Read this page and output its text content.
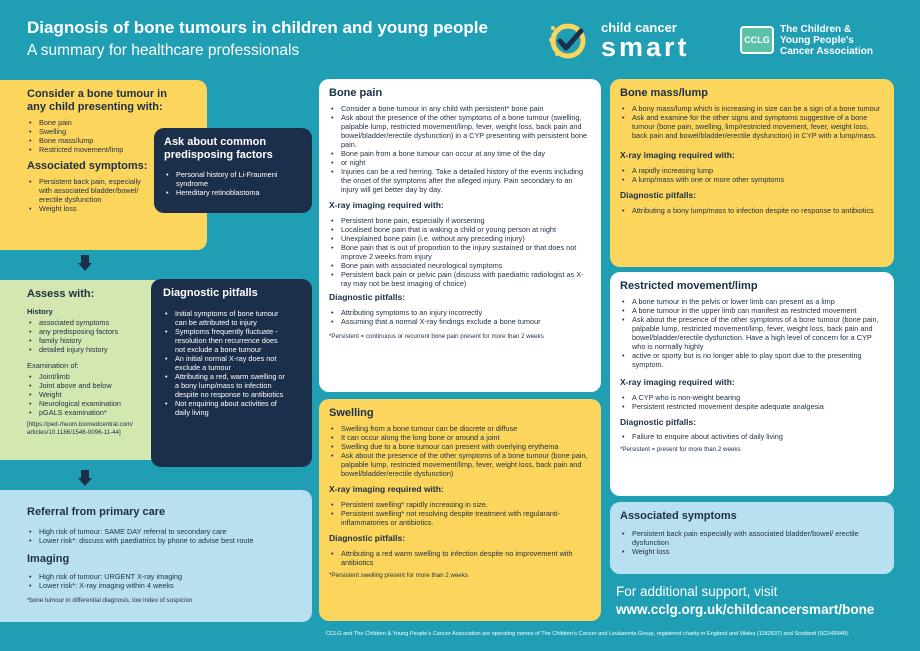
Diagnosis of bone tumours in children and young people
A summary for healthcare professionals
child cancer
smart	CCLG
The Children &
Young People's
Cancer Association
Consider a bone tumour in any child presenting with:
• Bone pain
• Swelling
• Bone mass/lump
• Restricted movement/limp
Associated symptoms:
• Persistent back pain, especially with associated bladder/bowel/ erectile dysfunction
• Weight loss
Ask about common predisposing factors
• Personal history of Li-Fraumeni syndrome
• Hereditary retinoblastoma
Assess with:
History
• associated symptoms
• any predisposing factors
• family history
• detailed injury history
Examination of:
• Joint/limb
• Joint above and below
• Weight
• Neurological examination
• pGALS examination*
[https://ped-rheum.biomedcentral.com/ articles/10.1186/1546-0096-11-44]
Diagnostic pitfalls
• Initial symptoms of bone tumour can be attributed to injury
• Symptoms frequently fluctuate - resolution then recurrence does not exclude a bone tumour
• An initial normal X-ray does not exclude a tumour
• Attributing a red, warm swelling or a bony lump/mass to infection despite no response to antibiotics
• Not enquiring about activities of daily living
Referral from primary care
• High risk of tumour: SAME DAY referral to secondary care
• Lower risk*: discuss with paediatrics by phone to advise best route
Imaging
• High risk of tumour: URGENT X-ray imaging
• Lower risk*: X-ray imaging within 4 weeks
*bone tumour in differential diagnosis, low index of suspicion
Bone pain
• Consider a bone tumour in any child with persistent* bone pain
• Ask about the presence of the other symptoms of a bone tumour (swelling, palpable lump, restricted movement/limp, fever, weight loss, back pain and bowel/bladder/erectile dysfunction) in a CYP presenting with persistent bone pain.
• Bone pain from a bone tumour can occur at any time of the day
• or night
• Injuries can be a red herring. Take a detailed history of the events including the onset of the symptoms after the alleged injury. Pain secondary to an injury will get better day by day.
X-ray imaging required with:
• Persistent bone pain, especially if worsening
• Localised bone pain that is waking a child or young person at night
• Unexplained bone pain (i.e. without any preceding injury)
• Bone pain that is out of proportion to the injury sustained or that does not improve 2 weeks from injury
• Bone pain with associated neurological symptoms
• Persistent back pain or pelvic pain (discuss with paediatric radiologist as X-ray may not be best imaging of choice)
Diagnostic pitfalls:
• Attributing symptoms to an injury incorrectly
• Assuming that a normal X-ray findings exclude a bone tumour
*Persistent = continuous or recurrent bone pain present for more than 2 weeks
Swelling
• Swelling from a bone tumour can be discrete or diffuse
• It can occur along the long bone or around a joint
• Swelling due to a bone tumour can present with overlying erythema
• Ask about the presence of the other symptoms of a bone tumour (bone pain, palpable lump, restricted movement/limp, fever, weight loss, back pain and bowel/bladder/erectile dysfunction)
X-ray imaging required with:
• Persistent swelling* rapidly increasing in size.
• Persistent swelling* not resolving despite treatment with regularanti-inflammatories or antibiotics.
Diagnostic pitfalls:
• Attributing a red warm swelling to infection despite no improvement with antibiotics
*Persistent swelling present for more than 2 weeks
Bone mass/lump
• A bony mass/lump which is increasing in size can be a sign of a bone tumour
• Ask and examine for the other signs and symptoms suggestive of a bone tumour (bone pain, swelling, limp/restricted movement, fever, weight loss, back pain and bowel/bladder/erectile dysfunction) in CYP with a lump/mass.
X-ray imaging required with:
• A rapidly increasing lump
• A lump/mass with one or more other symptoms
Diagnostic pitfalls:
• Attributing a bony lump/mass to infection despite no response to antibiotics
Restricted movement/limp
• A bone tumour in the pelvis or lower limb can present as a limp
• A bone tumour in the upper limb can manifest as restricted movement
• Ask about the presence of the other symptoms of a bone tumour (bone pain, palpable lump, restricted movement/limp, fever, weight loss, back pain and bowel/bladder/erectile dysfunction. Have a high level of concern for a CYP who is normally highly
• active or sporty but is no longer able to play sport due to the presenting symptom.
X-ray imaging required with:
• A CYP who is non-weight bearing
• Persistent restricted movement despite adequate analgesia
Diagnostic pitfalls:
• Failure to enquire about activities of daily living
*Persistent = present for more than 2 weeks
Associated symptoms
• Persistent back pain especially with associated bladder/bowel/ erectile dysfunction
• Weight loss
For additional support, visit
www.cclg.org.uk/childcancersmart/bone
CCLG and The Children & Young People's Cancer Association are operating names of The Children's Cancer and Leukaemia Group, registered charity in England and Wales (1182637) and Scotland (SC049948).
